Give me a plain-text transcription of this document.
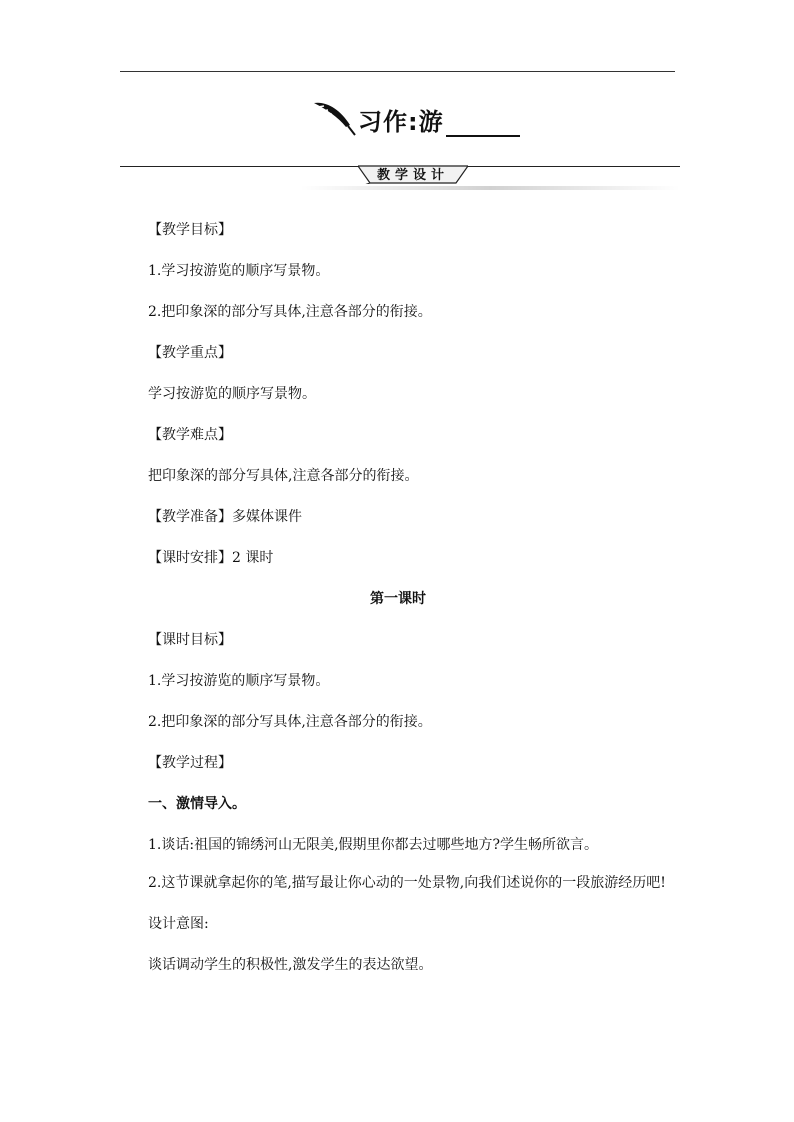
习作:游
教学设计

【教学目标】

1.学习按游览的顺序写景物。

2.把印象深的部分写具体,注意各部分的衔接。

【教学重点】

学习按游览的顺序写景物。

【教学难点】

把印象深的部分写具体,注意各部分的衔接。

【教学准备】多媒体课件

【课时安排】2 课时

第一课时

【课时目标】

1.学习按游览的顺序写景物。

2.把印象深的部分写具体,注意各部分的衔接。

【教学过程】

一、激情导入。

1.谈话:祖国的锦绣河山无限美,假期里你都去过哪些地方?学生畅所欲言。

2.这节课就拿起你的笔,描写最让你心动的一处景物,向我们述说你的一段旅游经历吧!

设计意图:

谈话调动学生的积极性,激发学生的表达欲望。
